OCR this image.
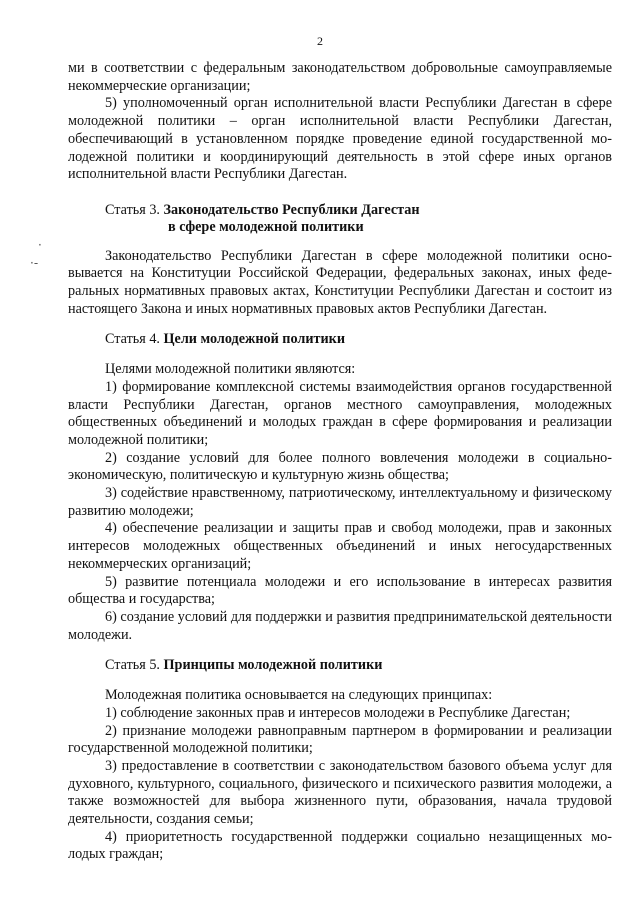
2
·
·-

ми в соответствии с федеральным законодательством добровольные самоуправляемые некоммерческие организации;

5) уполномоченный орган исполнительной власти Республики Дагестан в сфере молодежной политики – орган исполнительной власти Республики Дагестан, обеспечивающий в установленном порядке проведение единой государственной молодежной политики и координирующий деятельность в этой сфере иных органов исполнительной власти Республики Дагестан.

Статья 3. Законодательство Республики Дагестан
в сфере молодежной политики

Законодательство Республики Дагестан в сфере молодежной политики основывается на Конституции Российской Федерации, федеральных законах, иных федеральных нормативных правовых актах, Конституции Республики Дагестан и состоит из настоящего Закона и иных нормативных правовых актов Республики Дагестан.

Статья 4. Цели молодежной политики

Целями молодежной политики являются:

1) формирование комплексной системы взаимодействия органов государственной власти Республики Дагестан, органов местного самоуправления, молодежных общественных объединений и молодых граждан в сфере формирования и реализации молодежной политики;

2) создание условий для более полного вовлечения молодежи в социально-экономическую, политическую и культурную жизнь общества;

3) содействие нравственному, патриотическому, интеллектуальному и физическому развитию молодежи;

4) обеспечение реализации и защиты прав и свобод молодежи, прав и законных интересов молодежных общественных объединений и иных негосударственных некоммерческих организаций;

5) развитие потенциала молодежи и его использование в интересах развития общества и государства;

6) создание условий для поддержки и развития предпринимательской деятельности молодежи.

Статья 5. Принципы молодежной политики

Молодежная политика основывается на следующих принципах:

1) соблюдение законных прав и интересов молодежи в Республике Дагестан;

2) признание молодежи равноправным партнером в формировании и реализации государственной молодежной политики;

3) предоставление в соответствии с законодательством базового объема услуг для духовного, культурного, социального, физического и психического развития молодежи, а также возможностей для выбора жизненного пути, образования, начала трудовой деятельности, создания семьи;

4) приоритетность государственной поддержки социально незащищенных молодых граждан;
